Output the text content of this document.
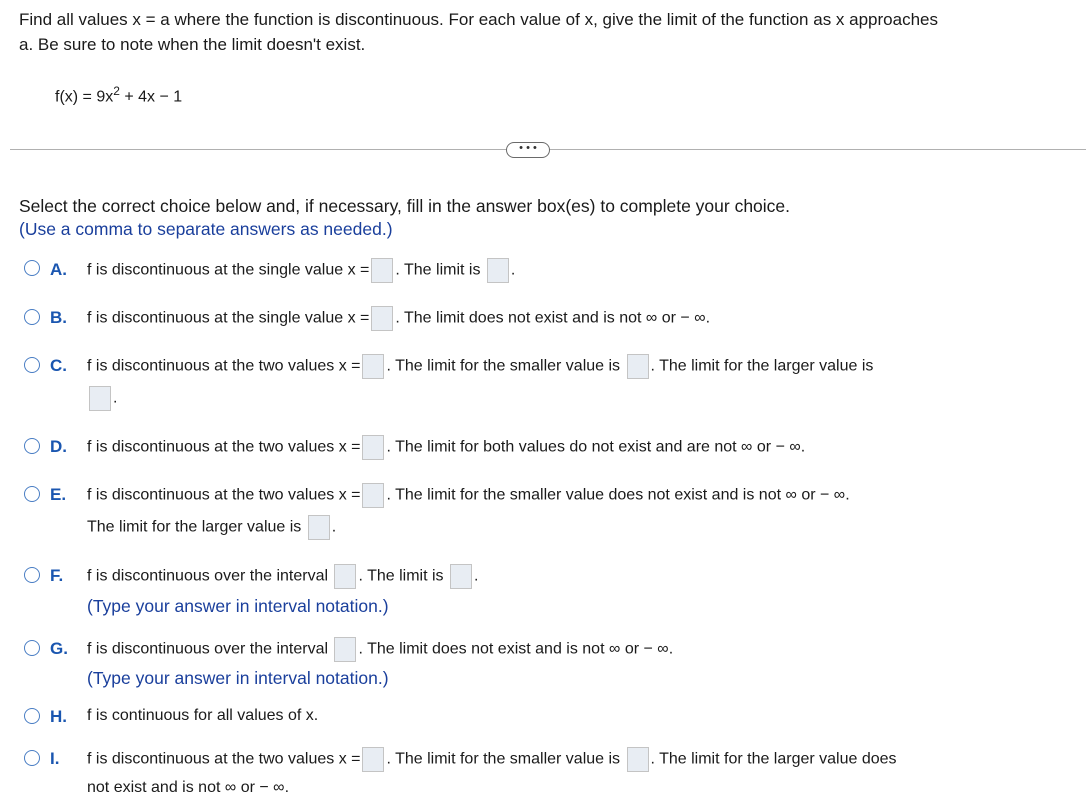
Find all values x = a where the function is discontinuous. For each value of x, give the limit of the function as x approaches
a. Be sure to note when the limit doesn't exist.
$f(x) = 9x^2 + 4x - 1$
• • •
Select the correct choice below and, if necessary, fill in the answer box(es) to complete your choice.
(Use a comma to separate answers as needed.)
A. f is discontinuous at the single value x = . The limit is .
B. f is discontinuous at the single value x = . The limit does not exist and is not ∞ or − ∞.
C. f is discontinuous at the two values x = . The limit for the smaller value is . The limit for the larger value is
.
D. f is discontinuous at the two values x = . The limit for both values do not exist and are not ∞ or − ∞.
E. f is discontinuous at the two values x = . The limit for the smaller value does not exist and is not ∞ or − ∞.
The limit for the larger value is .
F. f is discontinuous over the interval . The limit is .
(Type your answer in interval notation.)
G. f is discontinuous over the interval . The limit does not exist and is not ∞ or − ∞.
(Type your answer in interval notation.)
H. f is continuous for all values of x.
I. f is discontinuous at the two values x = . The limit for the smaller value is . The limit for the larger value does
not exist and is not ∞ or − ∞.
